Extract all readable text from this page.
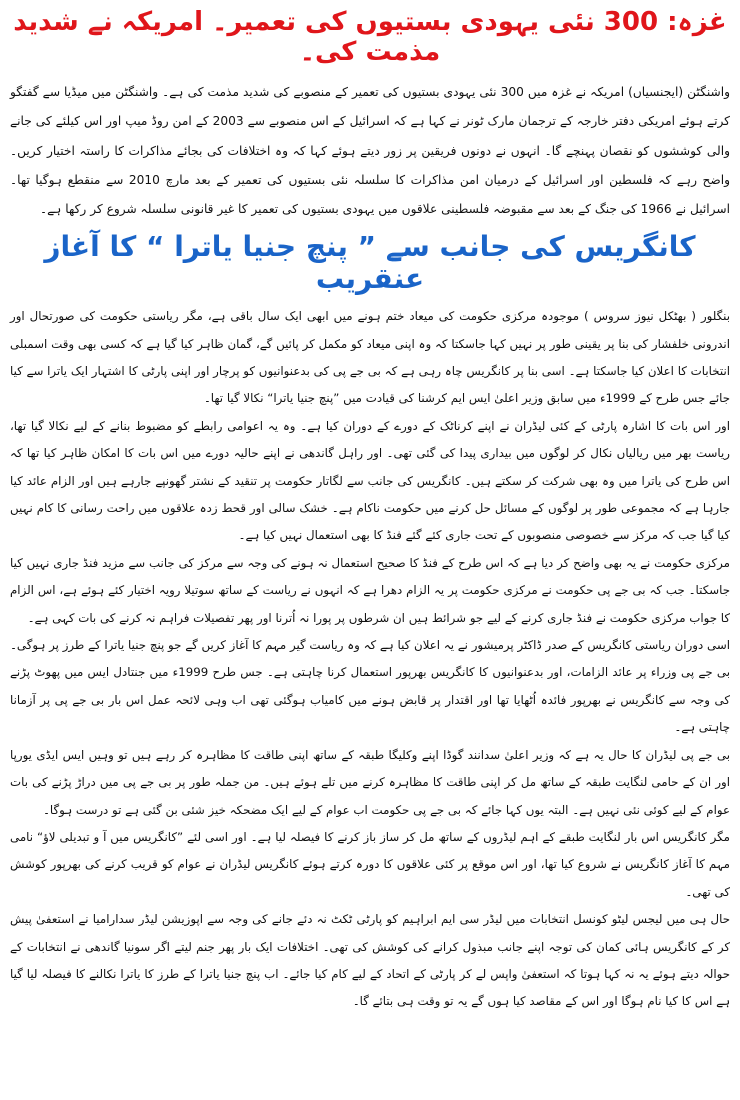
غزہ: 300 نئی یہودی بستیوں کی تعمیر۔ امریکہ نے شدید مذمت کی۔

واشنگٹن (ایجنسیاں) امریکہ نے غزہ میں 300 نئی یہودی بستیوں کی تعمیر کے منصوبے کی شدید مذمت کی ہے۔ واشنگٹن میں میڈیا سے گفتگو کرتے ہوئے امریکی دفتر خارجہ کے ترجمان مارک ٹونر نے کہا ہے کہ اسرائیل کے اس منصوبے سے 2003 کے امن روڈ میپ اور اس کیلئے کی جانے والی کوششوں کو نقصان پہنچے گا۔ انہوں نے دونوں فریقین پر زور دیتے ہوئے کہا کہ وہ اختلافات کی بجائے مذاکرات کا راستہ اختیار کریں۔ واضح رہے کہ فلسطین اور اسرائیل کے درمیان امن مذاکرات کا سلسلہ نئی بستیوں کی تعمیر کے بعد مارچ 2010 سے منقطع ہوگیا تھا۔ اسرائیل نے 1966 کی جنگ کے بعد سے مقبوضہ فلسطینی علاقوں میں یہودی بستیوں کی تعمیر کا غیر قانونی سلسلہ شروع کر رکھا ہے۔

کانگریس کی جانب سے ” پنچ جنیا یاترا “ کا آغاز عنقریب

بنگلور ( بھٹکل نیوز سروس ) موجودہ مرکزی حکومت کی میعاد ختم ہونے میں ابھی ایک سال باقی ہے، مگر ریاستی حکومت کی صورتحال اور اندرونی خلفشار کی بنا پر یقینی طور پر نہیں کہا جاسکتا کہ وہ اپنی میعاد کو مکمل کر پائیں گے، گمان ظاہر کیا گیا ہے کہ کسی بھی وقت اسمبلی انتخابات کا اعلان کیا جاسکتا ہے۔ اسی بنا پر کانگریس چاہ رہی ہے کہ بی جے پی کی بدعنوانیوں کو پرچار اور اپنی پارٹی کا اشتہار ایک یاترا سے کیا جائے جس طرح کے 1999ء میں سابق وزیر اعلیٰ ایس ایم کرشنا کی قیادت میں ”پنچ جنیا یاترا“ نکالا گیا تھا۔

اور اس بات کا اشارہ پارٹی کے کئی لیڈران نے اپنے کرناٹک کے دورے کے دوران کیا ہے۔ وہ یہ اعوامی رابطے کو مضبوط بنانے کے لیے نکالا گیا تھا، ریاست بھر میں ریالیاں نکال کر لوگوں میں بیداری پیدا کی گئی تھی۔ اور راہل گاندھی نے اپنے حالیہ دورے میں اس بات کا امکان ظاہر کیا تھا کہ اس طرح کی یاترا میں وہ بھی شرکت کر سکتے ہیں۔ کانگریس کی جانب سے لگاتار حکومت پر تنقید کے نشتر گھونپے جارہے ہیں اور الزام عائد کیا جارہا ہے کہ مجموعی طور پر لوگوں کے مسائل حل کرنے میں حکومت ناکام ہے۔ خشک سالی اور قحط زدہ علاقوں میں راحت رسانی کا کام نہیں کیا گیا جب کہ مرکز سے خصوصی منصوبوں کے تحت جاری کئے گئے فنڈ کا بھی استعمال نہیں کیا ہے۔

مرکزی حکومت نے یہ بھی واضح کر دیا ہے کہ اس طرح کے فنڈ کا صحیح استعمال نہ ہونے کی وجہ سے مرکز کی جانب سے مزید فنڈ جاری نہیں کیا جاسکتا۔ جب کہ بی جے پی حکومت نے مرکزی حکومت پر یہ الزام دھرا ہے کہ انہوں نے ریاست کے ساتھ سوتیلا رویہ اختیار کئے ہوئے ہے، اس الزام کا جواب مرکزی حکومت نے فنڈ جاری کرنے کے لیے جو شرائط ہیں ان شرطوں پر پورا نہ اُترنا اور پھر تفصیلات فراہم نہ کرنے کی بات کہی ہے۔

اسی دوران ریاستی کانگریس کے صدر ڈاکٹر پرمیشور نے یہ اعلان کیا ہے کہ وہ ریاست گیر مہم کا آغاز کریں گے جو پنچ جنیا یاترا کے طرز پر ہوگی۔ بی جے پی وزراء پر عائد الزامات، اور بدعنوانیوں کا کانگریس بھرپور استعمال کرنا چاہتی ہے۔ جس طرح 1999ء میں جنتادل ایس میں پھوٹ پڑنے کی وجہ سے کانگریس نے بھرپور فائدہ اُٹھایا تھا اور اقتدار پر قابض ہونے میں کامیاب ہوگئی تھی اب وہی لائحہ عمل اس بار بی جے پی پر آزمانا چاہتی ہے۔

بی جے پی لیڈران کا حال یہ ہے کہ وزیر اعلیٰ سدانند گوڈا اپنے وکلیگا طبقہ کے ساتھ اپنی طاقت کا مظاہرہ کر رہے ہیں تو وہیں ایس ایڈی یورپا اور ان کے حامی لنگایت طبقہ کے ساتھ مل کر اپنی طاقت کا مظاہرہ کرنے میں تلے ہوئے ہیں۔ من جملہ طور پر بی جے پی میں دراڑ پڑنے کی بات عوام کے لیے کوئی نئی نہیں ہے۔ البتہ یوں کہا جائے کہ بی جے پی حکومت اب عوام کے لیے ایک مضحکہ خیز شئی بن گئی ہے تو درست ہوگا۔

مگر کانگریس اس بار لنگایت طبقے کے اہم لیڈروں کے ساتھ مل کر ساز باز کرنے کا فیصلہ لیا ہے۔ اور اسی لئے ”کانگریس میں آ و تبدیلی لاؤ“ نامی مہم کا آغاز کانگریس نے شروع کیا تھا، اور اس موقع پر کئی علاقوں کا دورہ کرتے ہوئے کانگریس لیڈران نے عوام کو قریب کرنے کی بھرپور کوشش کی تھی۔

حال ہی میں لیجس لیٹو کونسل انتخابات میں لیڈر سی ایم ابراہیم کو پارٹی ٹکٹ نہ دئے جانے کی وجہ سے اپوزیشن لیڈر سدارامیا نے استعفیٰ پیش کر کے کانگریس ہائی کمان کی توجہ اپنے جانب مبذول کرانے کی کوشش کی تھی۔ اختلافات ایک بار پھر جنم لیتے اگر سونیا گاندھی نے انتخابات کے حوالہ دیتے ہوئے یہ نہ کہا ہوتا کہ استعفیٰ واپس لے کر پارٹی کے اتحاد کے لیے کام کیا جائے۔ اب پنچ جنیا یاترا کے طرز کا یاترا نکالنے کا فیصلہ لیا گیا ہے اس کا کیا نام ہوگا اور اس کے مقاصد کیا ہوں گے یہ تو وقت ہی بتائے گا۔
